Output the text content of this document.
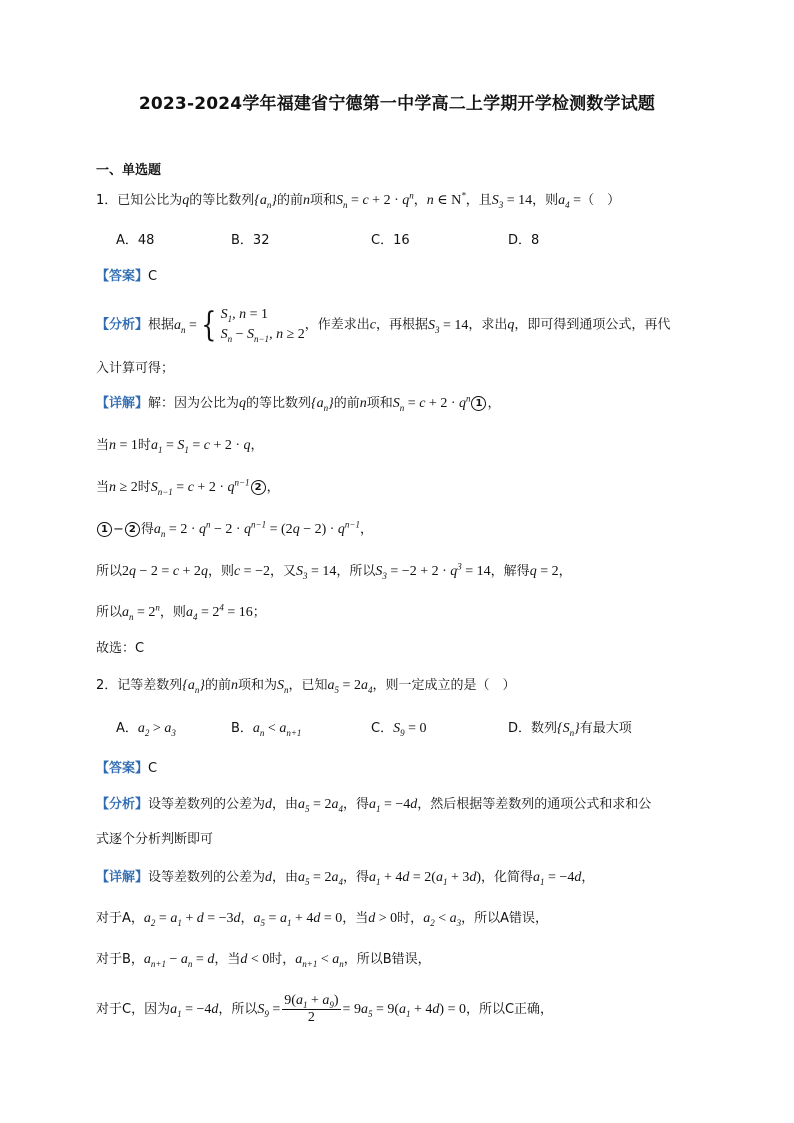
2023-2024学年福建省宁德第一中学高二上学期开学检测数学试题
一、单选题
1．已知公比为q的等比数列$\{a_n\}$的前n项和$S_n = c + 2 \cdot q^n$，n ∈ N*，且$S_3 = 14$，则$a_4$ =（　）
A．48	B．32	C．16	D．8
【答案】C
【分析】根据$a_n$ = { $S_1$, n = 1
$S_n - S_{n-1}$, n ≥ 2
，作差求出c，再根据$S_3 = 14$，求出q，即可得到通项公式，再代
入计算可得；
【详解】解：因为公比为q的等比数列$\{a_n\}$的前n项和$S_n = c + 2 \cdot q^n$ 1 ，
当n = 1时$a_1 = S_1 = c + 2 \cdot q$，
当n ≥ 2时$S_{n-1} = c + 2 \cdot q^{n-1}$ 2 ，
1 − 2 得$a_n = 2 \cdot q^n - 2 \cdot q^{n-1} = (2q - 2) \cdot q^{n-1}$，
所以2q − 2 = c + 2q，则c = −2，又$S_3 = 14$，所以$S_3 = -2 + 2 \cdot q^3 = 14$，解得q = 2，
所以$a_n = 2^n$，则$a_4 = 2^4 = 16$；
故选：C
2．记等差数列$\{a_n\}$的前n项和为$S_n$，已知$a_5 = 2a_4$，则一定成立的是（　）
A．$a_2 > a_3$	B．$a_n < a_{n+1}$	C．$S_9 = 0$	D．数列$\{S_n\}$有最大项
【答案】C
【分析】设等差数列的公差为d，由$a_5 = 2a_4$，得$a_1 = -4d$，然后根据等差数列的通项公式和求和公
式逐个分析判断即可
【详解】设等差数列的公差为d，由$a_5 = 2a_4$，得$a_1 + 4d = 2(a_1 + 3d)$，化简得$a_1 = -4d$，
对于A，$a_2 = a_1 + d = -3d$，$a_5 = a_1 + 4d = 0$，当d > 0时，$a_2 < a_3$，所以A错误，
对于B，$a_{n+1} - a_n = d$，当d < 0时，$a_{n+1} < a_n$，所以B错误，
对于C，因为$a_1 = -4d$，所以$S_9 = \frac{9(a_1 + a_9)}{2} = 9a_5 = 9(a_1 + 4d) = 0$，所以C正确，
